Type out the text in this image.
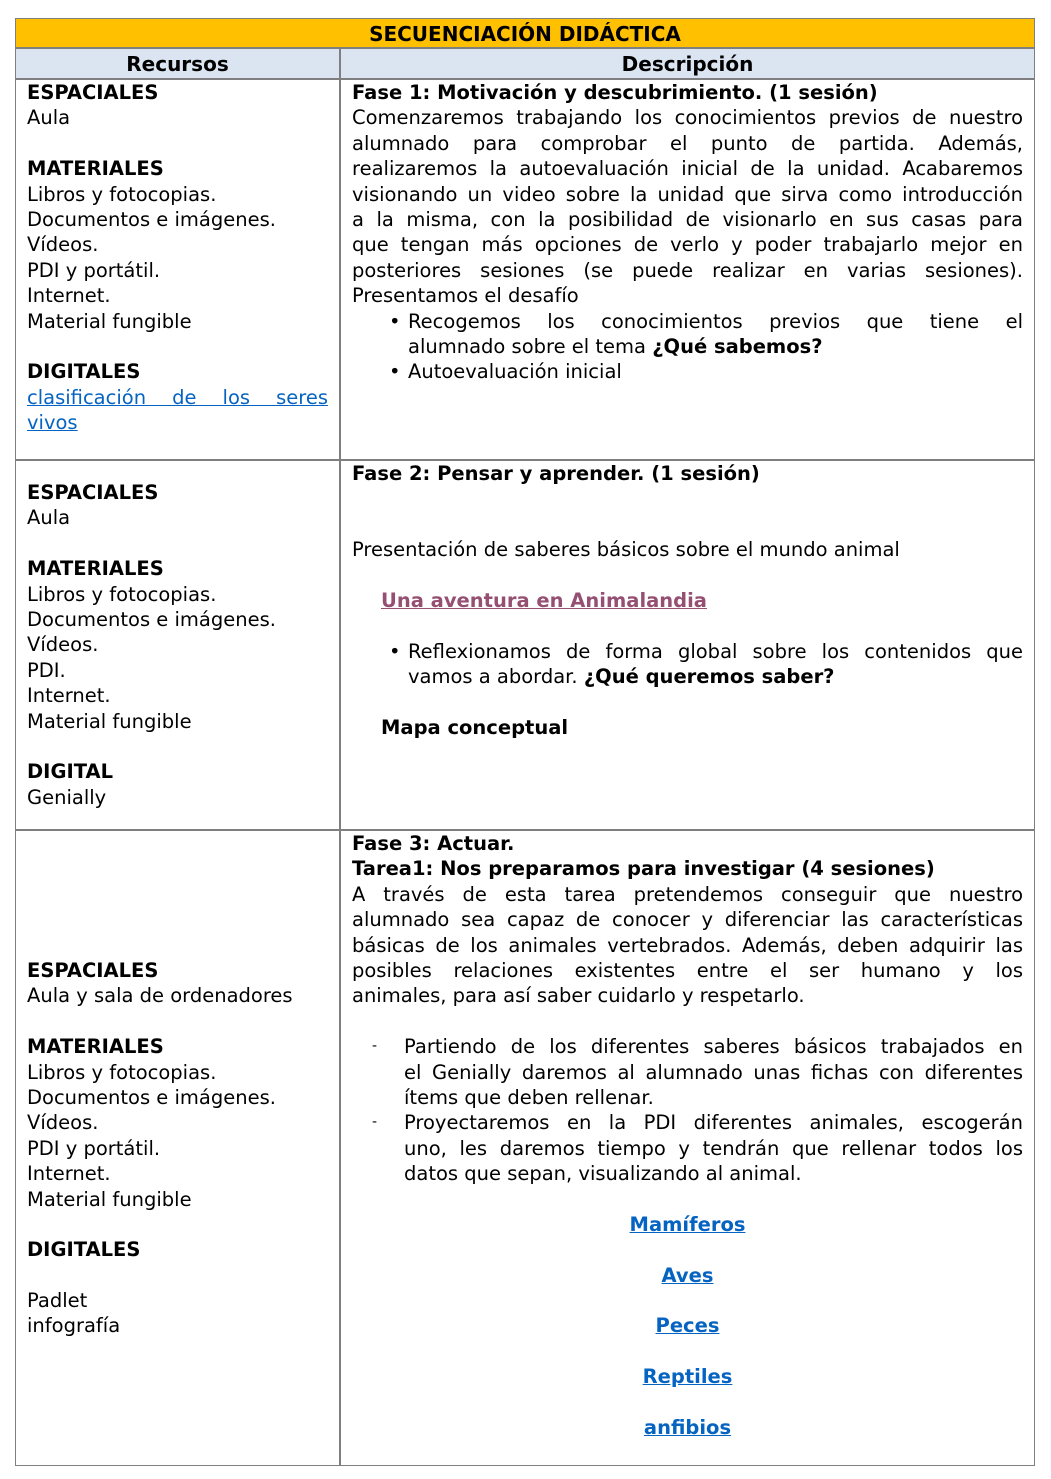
SECUENCIACIÓN DIDÁCTICA
Recursos	Descripción
ESPACIALES
Aula
MATERIALES
Libros y fotocopias.
Documentos e imágenes.
Vídeos.
PDI y portátil.
Internet.
Material fungible
DIGITALES
clasificación de los seres
vivos
Fase 1: Motivación y descubrimiento. (1 sesión)
Comenzaremos trabajando los conocimientos previos de nuestro
alumnado para comprobar el punto de partida. Además,
realizaremos la autoevaluación inicial de la unidad. Acabaremos
visionando un video sobre la unidad que sirva como introducción
a la misma, con la posibilidad de visionarlo en sus casas para
que tengan más opciones de verlo y poder trabajarlo mejor en
posteriores sesiones (se puede realizar en varias sesiones).
Presentamos el desafío
• Recogemos los conocimientos previos que tiene el
alumnado sobre el tema ¿Qué sabemos?
• Autoevaluación inicial
ESPACIALES
Aula
MATERIALES
Libros y fotocopias.
Documentos e imágenes.
Vídeos.
PDI.
Internet.
Material fungible
DIGITAL
Genially
Fase 2: Pensar y aprender. (1 sesión)
Presentación de saberes básicos sobre el mundo animal
Una aventura en Animalandia
• Reflexionamos de forma global sobre los contenidos que
vamos a abordar. ¿Qué queremos saber?
Mapa conceptual
ESPACIALES
Aula y sala de ordenadores
MATERIALES
Libros y fotocopias.
Documentos e imágenes.
Vídeos.
PDI y portátil.
Internet.
Material fungible
DIGITALES
Padlet
infografía
Fase 3: Actuar.
Tarea1: Nos preparamos para investigar (4 sesiones)
A través de esta tarea pretendemos conseguir que nuestro
alumnado sea capaz de conocer y diferenciar las características
básicas de los animales vertebrados. Además, deben adquirir las
posibles relaciones existentes entre el ser humano y los
animales, para así saber cuidarlo y respetarlo.
- Partiendo de los diferentes saberes básicos trabajados en
el Genially daremos al alumnado unas fichas con diferentes
ítems que deben rellenar.
- Proyectaremos en la PDI diferentes animales, escogerán
uno, les daremos tiempo y tendrán que rellenar todos los
datos que sepan, visualizando al animal.
Mamíferos
Aves
Peces
Reptiles
anfibios
